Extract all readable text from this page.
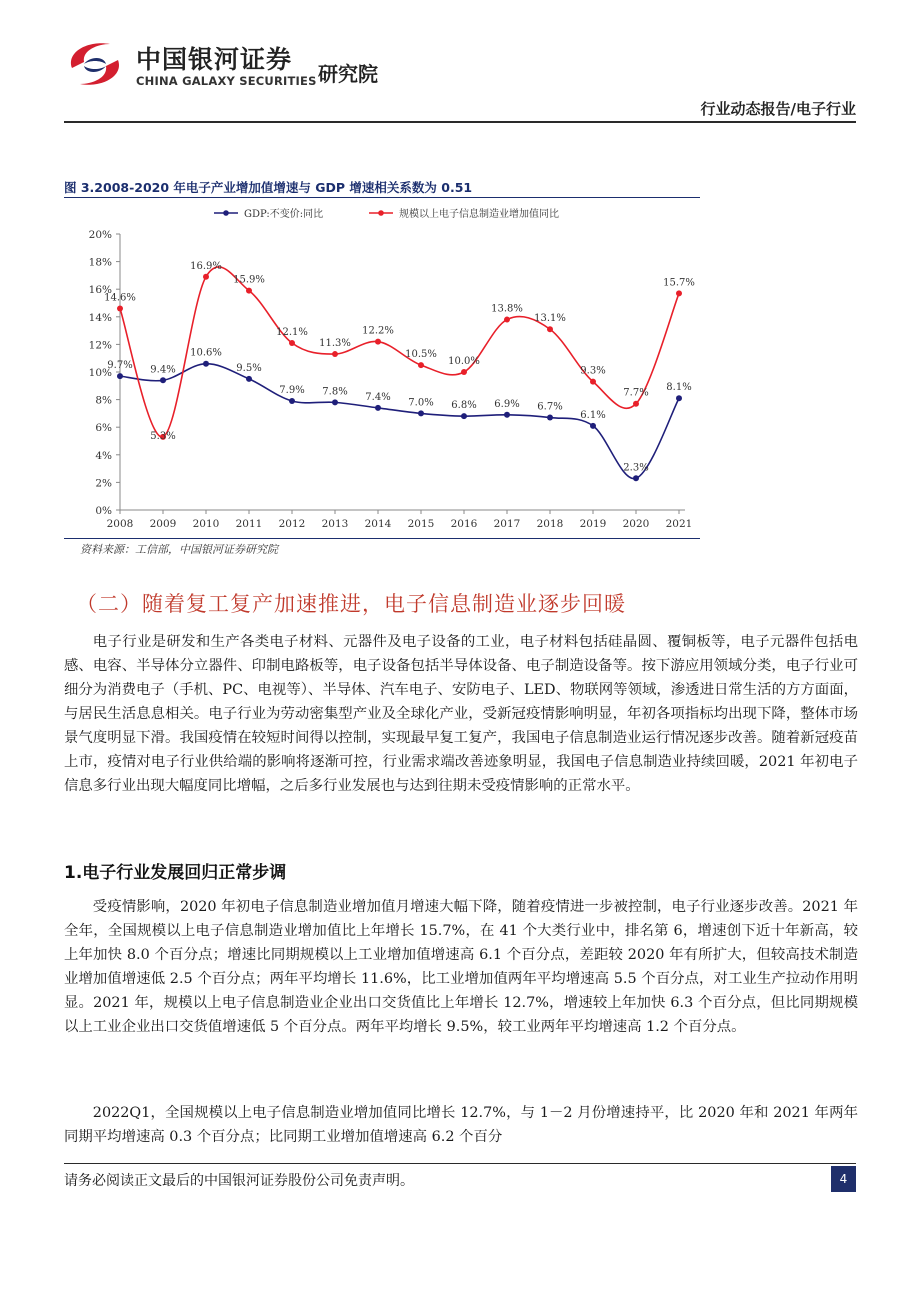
中国银河证券
CHINA GALAXY SECURITIES 研究院
行业动态报告/电子行业
图 3.2008-2020 年电子产业增加值增速与 GDP 增速相关系数为 0.51
GDP:不变价:同比	规模以上电子信息制造业增加值同比
0%
2%
4%
6%
8%
10%
12%
14%
16%
18%
20%
2008 2009 2010 2011 2012 2013 2014 2015 2016 2017 2018 2019 2020 2021
9.7% 9.4%
10.6%
9.5%
7.9% 7.8%
7.4%
7.0% 6.8% 6.9% 6.7%
6.1%
2.3%
8.1%
14.6%
5.3%
16.9%
15.9%
12.1%
11.3%
12.2%
10.5%
10.0%
13.8%
13.1%
9.3%
7.7%
15.7%
资料来源：工信部，中国银河证券研究院
（二）随着复工复产加速推进，电子信息制造业逐步回暖

电子行业是研发和生产各类电子材料、元器件及电子设备的工业，电子材料包括硅晶圆、覆铜板等，电子元器件包括电感、电容、半导体分立器件、印制电路板等，电子设备包括半导体设备、电子制造设备等。按下游应用领域分类，电子行业可细分为消费电子（手机、PC、电视等）、半导体、汽车电子、安防电子、LED、物联网等领域，渗透进日常生活的方方面面，与居民生活息息相关。电子行业为劳动密集型产业及全球化产业，受新冠疫情影响明显，年初各项指标均出现下降，整体市场景气度明显下滑。我国疫情在较短时间得以控制，实现最早复工复产，我国电子信息制造业运行情况逐步改善。随着新冠疫苗上市，疫情对电子行业供给端的影响将逐渐可控，行业需求端改善迹象明显，我国电子信息制造业持续回暖，2021 年初电子信息多行业出现大幅度同比增幅，之后多行业发展也与达到往期未受疫情影响的正常水平。

1.电子行业发展回归正常步调

受疫情影响，2020 年初电子信息制造业增加值月增速大幅下降，随着疫情进一步被控制，电子行业逐步改善。2021 年全年，全国规模以上电子信息制造业增加值比上年增长 15.7%，在 41 个大类行业中，排名第 6，增速创下近十年新高，较上年加快 8.0 个百分点；增速比同期规模以上工业增加值增速高 6.1 个百分点，差距较 2020 年有所扩大，但较高技术制造业增加值增速低 2.5 个百分点；两年平均增长 11.6%，比工业增加值两年平均增速高 5.5 个百分点，对工业生产拉动作用明显。2021 年，规模以上电子信息制造业企业出口交货值比上年增长 12.7%，增速较上年加快 6.3 个百分点，但比同期规模以上工业企业出口交货值增速低 5 个百分点。两年平均增长 9.5%，较工业两年平均增速高 1.2 个百分点。

2022Q1，全国规模以上电子信息制造业增加值同比增长 12.7%，与 1－2 月份增速持平，比 2020 年和 2021 年两年同期平均增速高 0.3 个百分点；比同期工业增加值增速高 6.2 个百分

请务必阅读正文最后的中国银河证券股份公司免责声明。	4
